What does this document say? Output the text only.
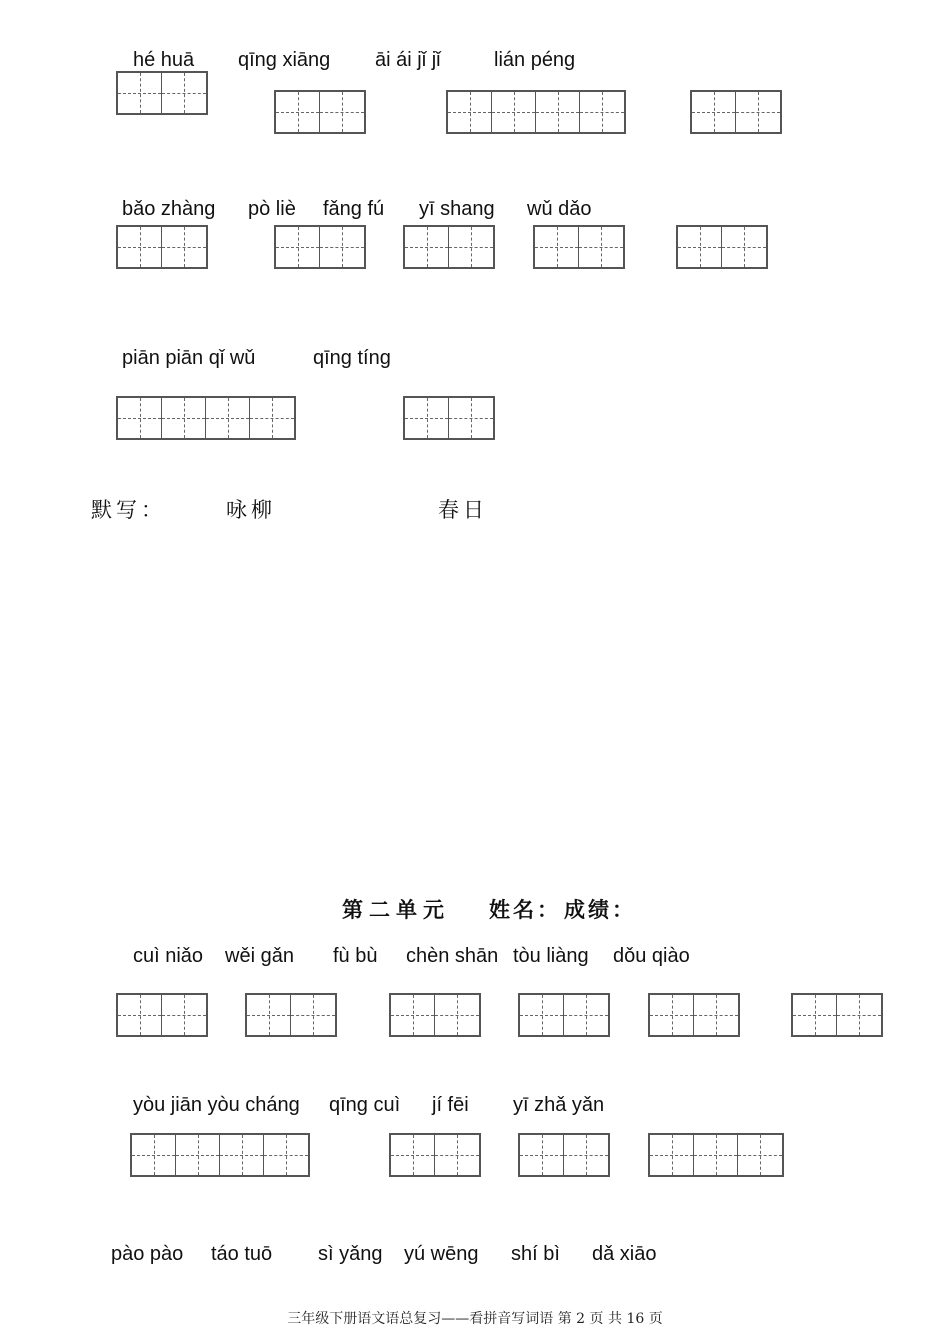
hé huā qīng xiāng āi ái jǐ jǐ	lián péng
bǎo zhàng pò liè fǎng fú yī shang wǔ dǎo
piān piān qǐ wǔ	qīng tíng
默写：	咏柳	春日
第二单元 姓名： 成绩：
cuì niǎo wěi gǎn fù bù chèn shān tòu liàng dǒu qiào
yòu jiān yòu cháng qīng cuì jí fēi yī zhǎ yǎn
pào pào táo tuō sì yǎng yú wēng shí bì dǎ xiāo
三年级下册语文语总复习——看拼音写词语 第 2 页 共 16 页
